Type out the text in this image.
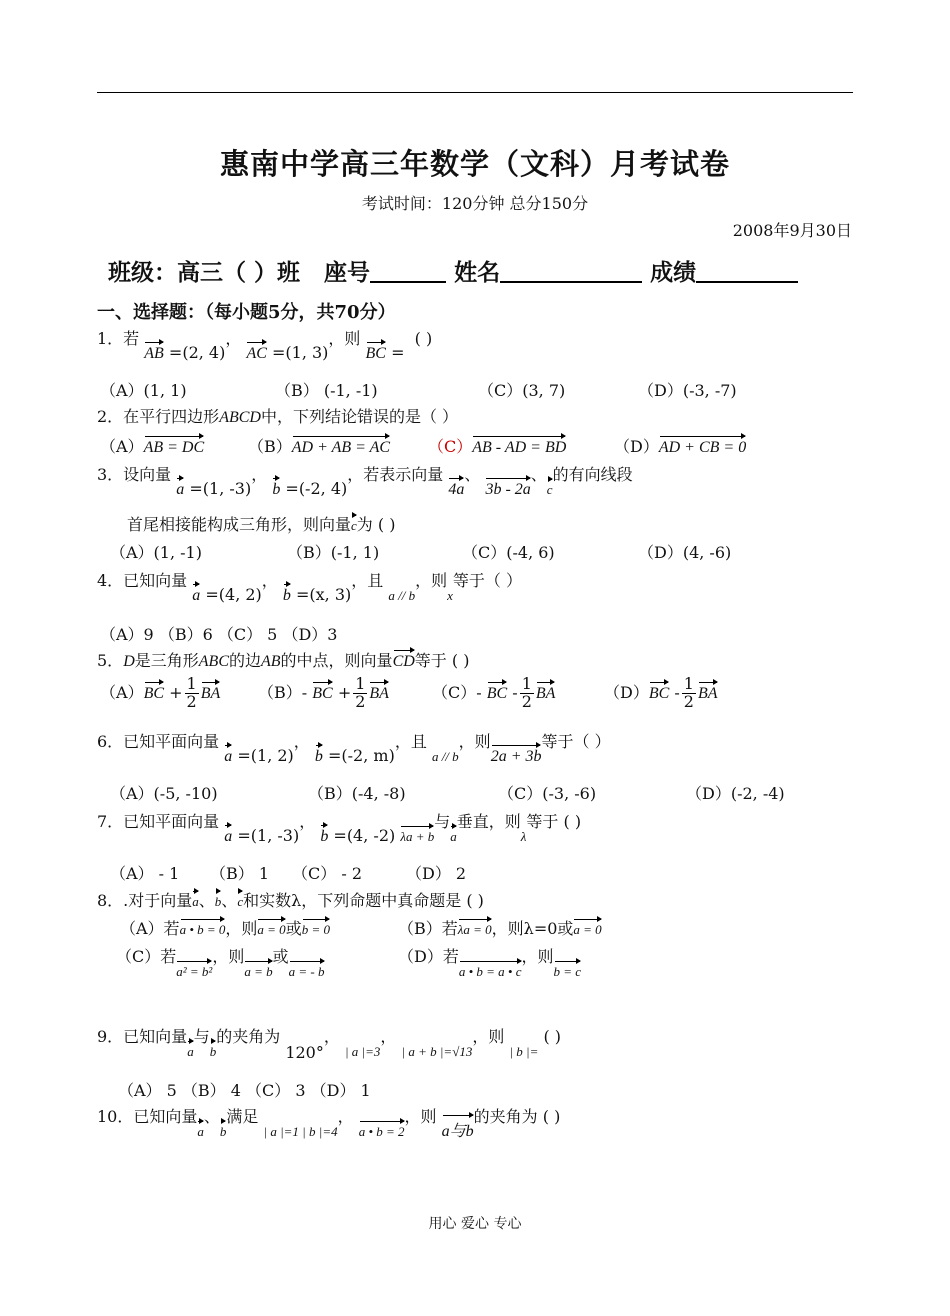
惠南中学高三年数学（文科）月考试卷
考试时间：120分钟 总分150分
2008年9月30日
班级：高三（ ）班 座号	姓名	成绩
一、选择题：（每小题5分，共70分）
1．若 AB =(2, 4)， AC =(1, 3)，则 BC =  ( )
（A）(1, 1)	（B） (-1, -1)	（C）(3, 7)	（D）(-3, -7)
2．在平行四边形ABCD中，下列结论错误的是（ ）
（A）AB = DC	（B）AD + AB = AC （C）AB - AD = BD	（D）AD + CB = 0
3．设向量 a =(1, -3)， b =(-2, 4)，若表示向量 4a、 3b - 2a、c的有向线段
首尾相接能构成三角形，则向量c为 ( )
（A）(1, -1)	（B）(-1, 1)	（C）(-4, 6)	（D）(4, -6)
4．已知向量 a =(4, 2)， b =(x, 3)，且 $_{a // b}$，则$_x$等于（ ）
（A）9 （B）6 （C） 5 （D）3
5．D是三角形ABC的边AB的中点，则向量CD等于 ( )
$(A)BC + \frac{1}{2}$ BA （B）- BC + $\frac{1}{2}$ BA	（C）- BC - $\frac{1}{2}$ BA	$(D)BC - \frac{1}{2}$ BA
6．已知平面向量 a =(1, 2)， b =(-2, m)，且 $_{a // b}$，则2a + 3b等于（ ）
（A）(-5, -10)	（B）(-4, -8)	（C）(-3, -6)	（D）(-2, -4)
7．已知平面向量 a =(1, -3)， b =(4, -2) λa + b与a垂直，则$_\lambda$等于 ( )
（A） - 1 （B） 1 （C） - 2	（D） 2
8．.对于向量a、b、c和实数λ，下列命题中真命题是 ( )
（A）若a • b = 0，则a = 0或b = 0	（B）若λa = 0，则λ=0或a = 0
（C）若a² = b²，则a = b或a = - b
（D）若a • b = a • c，则b = c
9．已知向量a与b的夹角为 120°， $_{| a |=3}$， $_{| a + b |=√13}$，则 $_{| b |=}$ ( )
（A） 5 （B） 4 （C） 3 （D） 1
10．已知向量a、b满足 $_{| a |=1 | b |=4}$， a • b = 2，则 a与b的夹角为 ( )
用心 爱心 专心
